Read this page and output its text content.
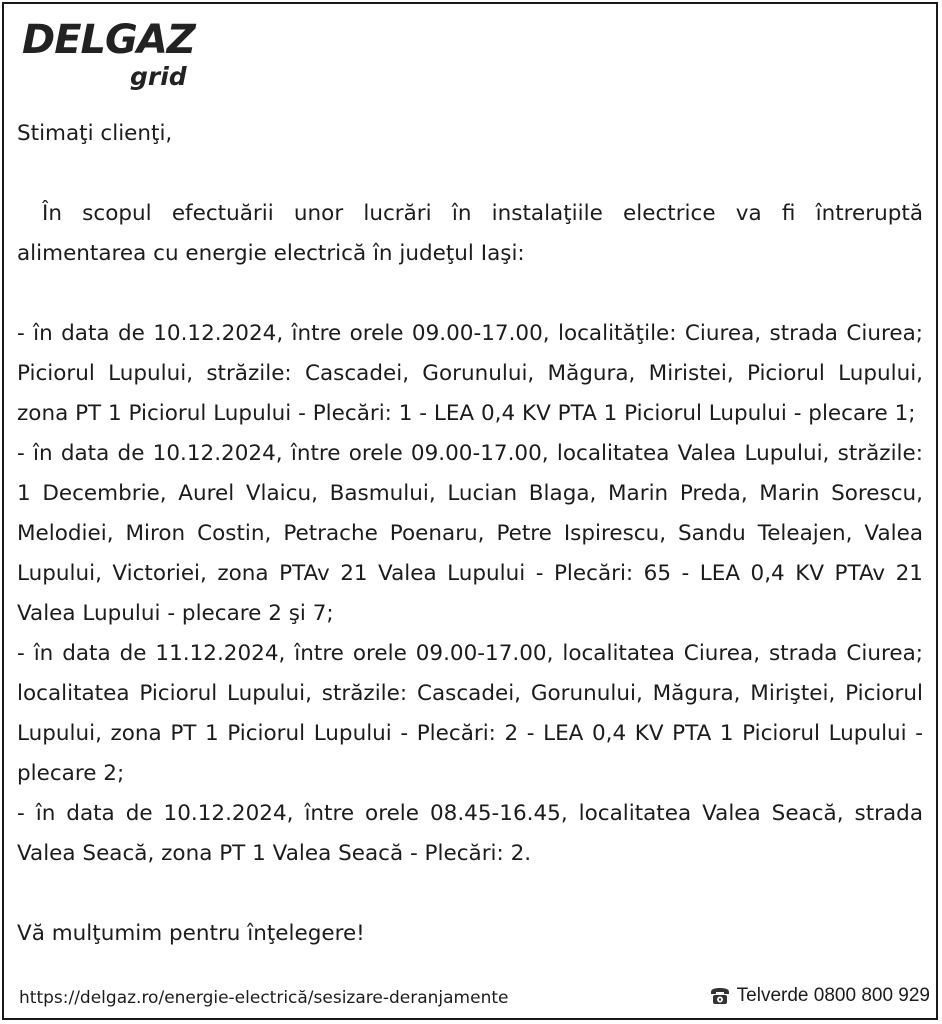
DELGAZ
grid

Stimaţi clienţi,

În scopul efectuării unor lucrări în instalaţiile electrice va fi întreruptă alimentarea cu energie electrică în judeţul Iaşi:

- în data de 10.12.2024, între orele 09.00-17.00, localităţile: Ciurea, strada Ciurea; Piciorul Lupului, străzile: Cascadei, Gorunului, Măgura, Miristei, Piciorul Lupului, zona PT 1 Piciorul Lupului - Plecări: 1 - LEA 0,4 KV PTA 1 Piciorul Lupului - plecare 1;

- în data de 10.12.2024, între orele 09.00-17.00, localitatea Valea Lupului, străzile: 1 Decembrie, Aurel Vlaicu, Basmului, Lucian Blaga, Marin Preda, Marin Sorescu, Melodiei, Miron Costin, Petrache Poenaru, Petre Ispirescu, Sandu Teleajen, Valea Lupului, Victoriei, zona PTAv 21 Valea Lupului - Plecări: 65 - LEA 0,4 KV PTAv 21 Valea Lupului - plecare 2 şi 7;

- în data de 11.12.2024, între orele 09.00-17.00, localitatea Ciurea, strada Ciurea; localitatea Piciorul Lupului, străzile: Cascadei, Gorunului, Măgura, Miriştei, Piciorul Lupului, zona PT 1 Piciorul Lupului - Plecări: 2 - LEA 0,4 KV PTA 1 Piciorul Lupului - plecare 2;

- în data de 10.12.2024, între orele 08.45-16.45, localitatea Valea Seacă, strada Valea Seacă, zona PT 1 Valea Seacă - Plecări: 2.

Vă mulţumim pentru înţelegere!

https://delgaz.ro/energie-electrică/sesizare-deranjamente	Telverde 0800 800 929
